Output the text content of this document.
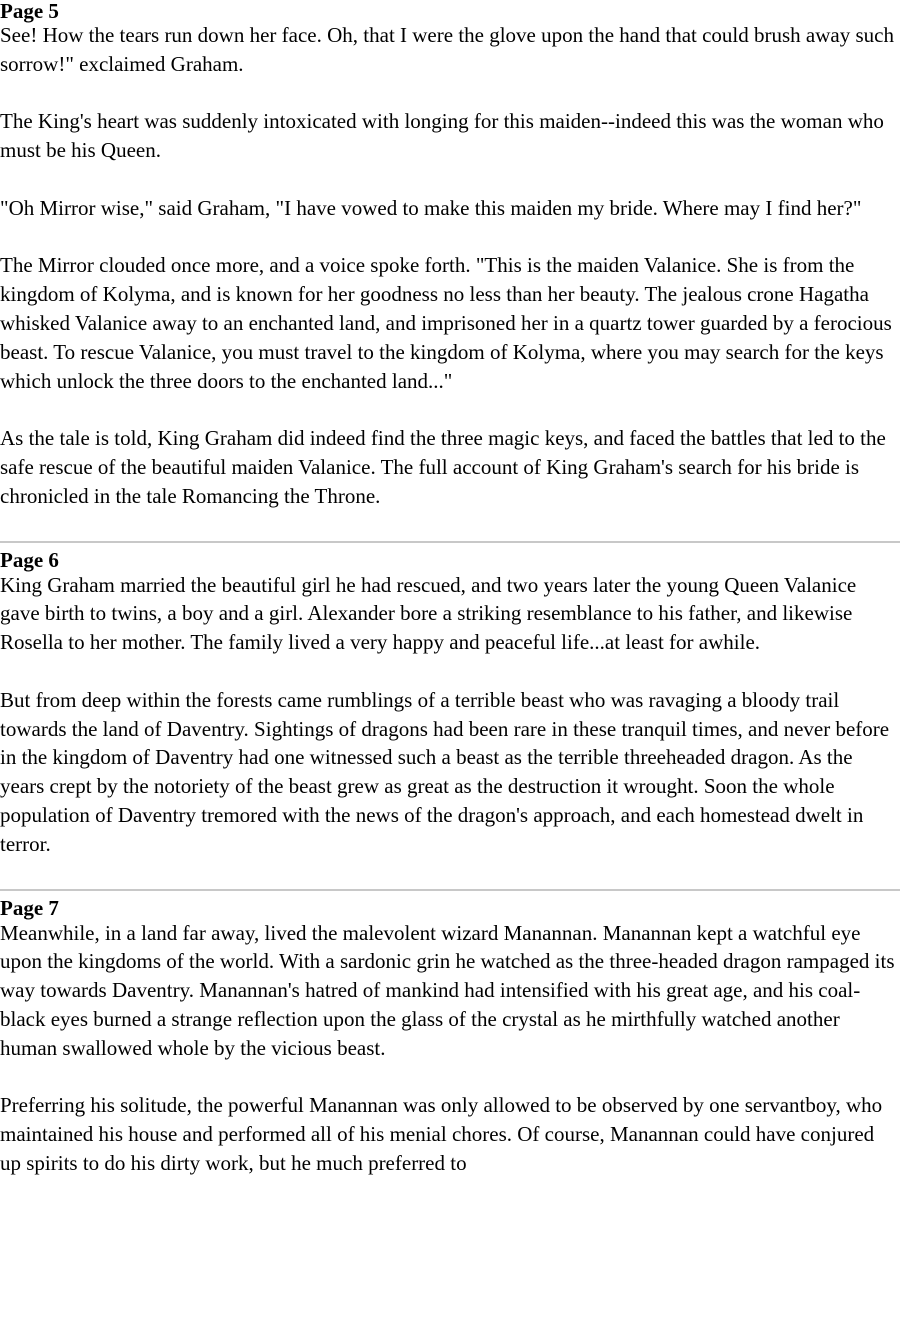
Page 5

See! How the tears run down her face. Oh, that I were the glove upon the hand that could brush away such sorrow!" exclaimed Graham.

The King's heart was suddenly intoxicated with longing for this maiden--indeed this was the woman who must be his Queen.

"Oh Mirror wise," said Graham, "I have vowed to make this maiden my bride. Where may I find her?"

The Mirror clouded once more, and a voice spoke forth. "This is the maiden Valanice. She is from the kingdom of Kolyma, and is known for her goodness no less than her beauty. The jealous crone Hagatha whisked Valanice away to an enchanted land, and imprisoned her in a quartz tower guarded by a ferocious beast. To rescue Valanice, you must travel to the kingdom of Kolyma, where you may search for the keys which unlock the three doors to the enchanted land..."

As the tale is told, King Graham did indeed find the three magic keys, and faced the battles that led to the safe rescue of the beautiful maiden Valanice. The full account of King Graham's search for his bride is chronicled in the tale Romancing the Throne.

Page 6

King Graham married the beautiful girl he had rescued, and two years later the young Queen Valanice gave birth to twins, a boy and a girl. Alexander bore a striking resemblance to his father, and likewise Rosella to her mother. The family lived a very happy and peaceful life...at least for awhile.

But from deep within the forests came rumblings of a terrible beast who was ravaging a bloody trail towards the land of Daventry. Sightings of dragons had been rare in these tranquil times, and never before in the kingdom of Daventry had one witnessed such a beast as the terrible threeheaded dragon. As the years crept by the notoriety of the beast grew as great as the destruction it wrought. Soon the whole population of Daventry tremored with the news of the dragon's approach, and each homestead dwelt in terror.

Page 7

Meanwhile, in a land far away, lived the malevolent wizard Manannan. Manannan kept a watchful eye upon the kingdoms of the world. With a sardonic grin he watched as the three-headed dragon rampaged its way towards Daventry. Manannan's hatred of mankind had intensified with his great age, and his coal-black eyes burned a strange reflection upon the glass of the crystal as he mirthfully watched another human swallowed whole by the vicious beast.

Preferring his solitude, the powerful Manannan was only allowed to be observed by one servantboy, who maintained his house and performed all of his menial chores. Of course, Manannan could have conjured up spirits to do his dirty work, but he much preferred to
